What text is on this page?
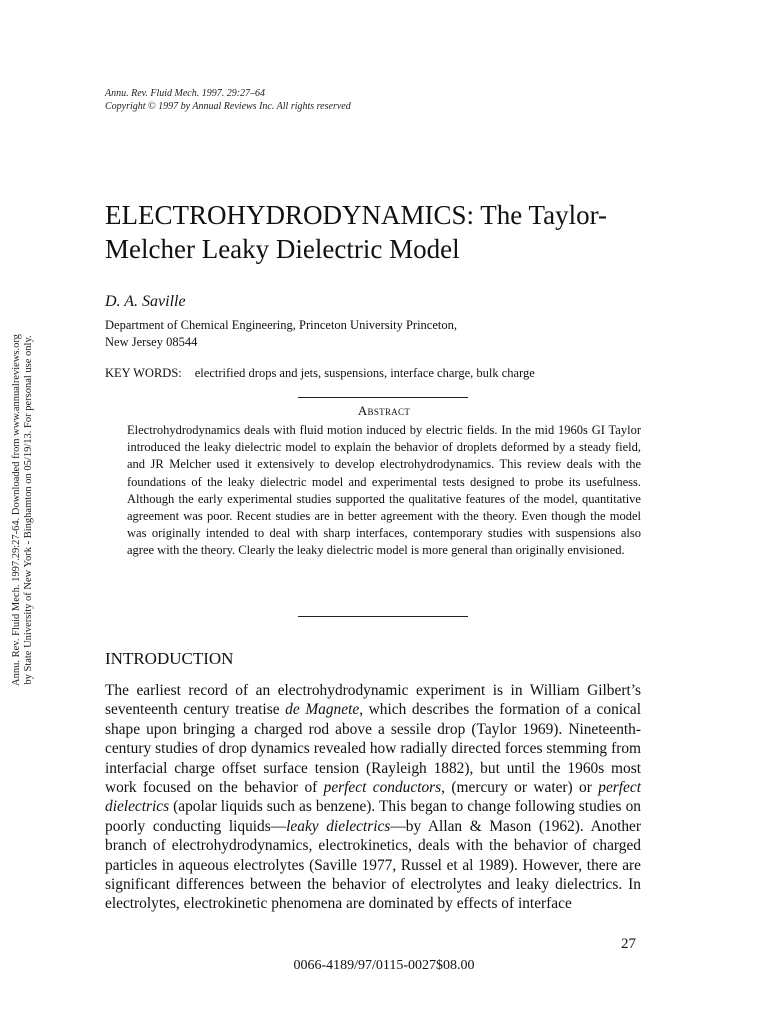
Annu. Rev. Fluid Mech. 1997. 29:27–64
Copyright © 1997 by Annual Reviews Inc. All rights reserved
Annu. Rev. Fluid Mech. 1997.29:27-64. Downloaded from www.annualreviews.org by State University of New York - Binghamton on 05/19/13. For personal use only.
ELECTROHYDRODYNAMICS: The Taylor-Melcher Leaky Dielectric Model
D. A. Saville
Department of Chemical Engineering, Princeton University Princeton,
New Jersey 08544
KEY WORDS: electrified drops and jets, suspensions, interface charge, bulk charge
Abstract
Electrohydrodynamics deals with fluid motion induced by electric fields. In the mid 1960s GI Taylor introduced the leaky dielectric model to explain the behavior of droplets deformed by a steady field, and JR Melcher used it extensively to develop electrohydrodynamics. This review deals with the foundations of the leaky dielectric model and experimental tests designed to probe its usefulness. Although the early experimental studies supported the qualitative features of the model, quantitative agreement was poor. Recent studies are in better agreement with the theory. Even though the model was originally intended to deal with sharp interfaces, contemporary studies with suspensions also agree with the theory. Clearly the leaky dielectric model is more general than originally envisioned.
INTRODUCTION
The earliest record of an electrohydrodynamic experiment is in William Gilbert’s seventeenth century treatise de Magnete, which describes the formation of a conical shape upon bringing a charged rod above a sessile drop (Taylor 1969). Nineteenth-century studies of drop dynamics revealed how radially directed forces stemming from interfacial charge offset surface tension (Rayleigh 1882), but until the 1960s most work focused on the behavior of perfect conductors, (mercury or water) or perfect dielectrics (apolar liquids such as benzene). This began to change following studies on poorly conducting liquids—leaky dielectrics—by Allan & Mason (1962). Another branch of electrohydrodynamics, electrokinetics, deals with the behavior of charged particles in aqueous electrolytes (Saville 1977, Russel et al 1989). However, there are significant differences between the behavior of electrolytes and leaky dielectrics. In electrolytes, electrokinetic phenomena are dominated by effects of interface
27
0066-4189/97/0115-0027$08.00
